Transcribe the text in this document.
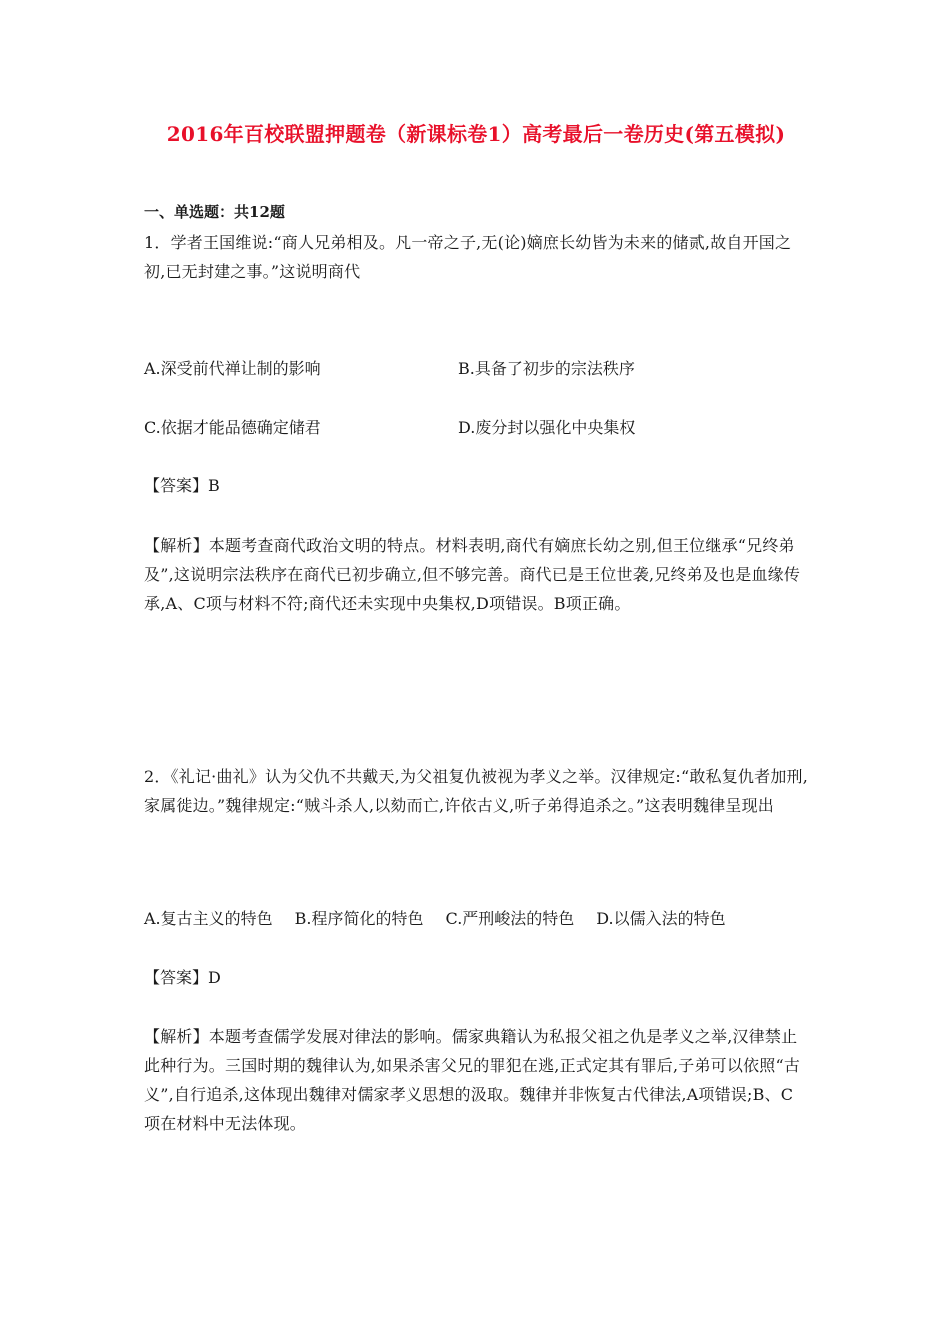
2016年百校联盟押题卷（新课标卷1）高考最后一卷历史(第五模拟)
一、单选题：共12题
1．学者王国维说:“商人兄弟相及。凡一帝之子,无(论)嫡庶长幼皆为未来的储贰,故自开国之初,已无封建之事。”这说明商代
A.深受前代禅让制的影响	B.具备了初步的宗法秩序
C.依据才能品德确定储君	D.废分封以强化中央集权
【答案】B
【解析】本题考查商代政治文明的特点。材料表明,商代有嫡庶长幼之别,但王位继承“兄终弟及”,这说明宗法秩序在商代已初步确立,但不够完善。商代已是王位世袭,兄终弟及也是血缘传承,A、C项与材料不符;商代还未实现中央集权,D项错误。B项正确。
2．《礼记·曲礼》认为父仇不共戴天,为父祖复仇被视为孝义之举。汉律规定:“敢私复仇者加刑,家属徙边。”魏律规定:“贼斗杀人,以劾而亡,许依古义,听子弟得追杀之。”这表明魏律呈现出
A.复古主义的特色 B.程序简化的特色 C.严刑峻法的特色 D.以儒入法的特色
【答案】D
【解析】本题考查儒学发展对律法的影响。儒家典籍认为私报父祖之仇是孝义之举,汉律禁止此种行为。三国时期的魏律认为,如果杀害父兄的罪犯在逃,正式定其有罪后,子弟可以依照“古义”,自行追杀,这体现出魏律对儒家孝义思想的汲取。魏律并非恢复古代律法,A项错误;B、C项在材料中无法体现。
